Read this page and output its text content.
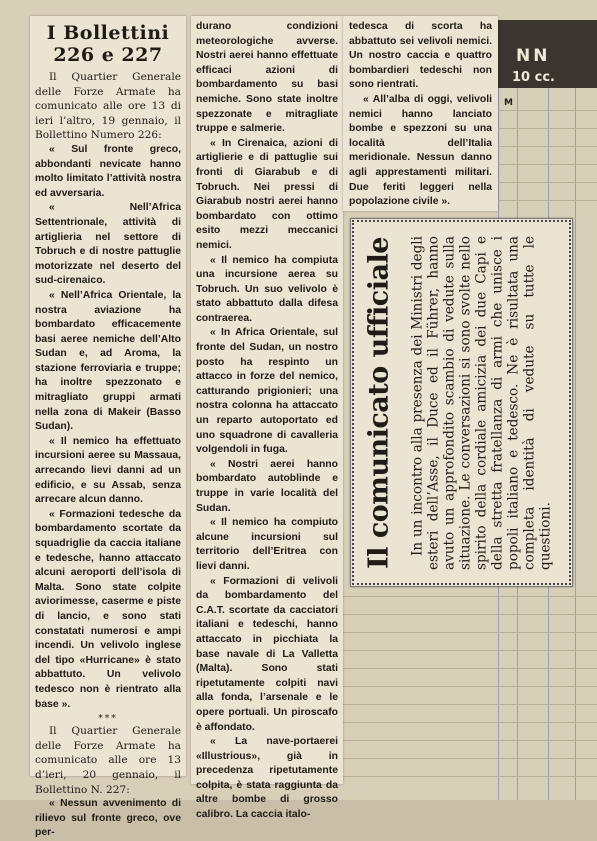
NN
10 cc.
M
I Bollettini 226 e 227

Il Quartier Generale delle Forze Armate ha comunicato alle ore 13 di ieri l’altro, 19 gennaio, il Bollettino Numero 226:

« Sul fronte greco, abbondanti nevicate hanno molto limitato l’attività nostra ed avversaria.

« Nell’Africa Settentrionale, attività di artiglieria nel settore di Tobruch e di nostre pattuglie motorizzate nel deserto del sud-cirenaico.

« Nell’Africa Orientale, la nostra aviazione ha bombardato efficacemente basi aeree nemiche dell’Alto Sudan e, ad Aroma, la stazione ferroviaria e truppe; ha inoltre spezzonato e mitragliato gruppi armati nella zona di Makeir (Basso Sudan).

« Il nemico ha effettuato incursioni aeree su Massaua, arrecando lievi danni ad un edificio, e su Assab, senza arrecare alcun danno.

« Formazioni tedesche da bombardamento scortate da squadriglie da caccia italiane e tedesche, hanno attaccato alcuni aeroporti dell’isola di Malta. Sono state colpite aviorimesse, caserme e piste di lancio, e sono stati constatati numerosi e ampi incendi. Un velivolo inglese del tipo «Hurricane» è stato abbattuto. Un velivolo tedesco non è rientrato alla base ».

***

Il Quartier Generale delle Forze Armate ha comunicato alle ore 13 d’ieri, 20 gennaio, il Bollettino N. 227:

« Nessun avvenimento di rilievo sul fronte greco, ove per-

durano condizioni meteorologiche avverse. Nostri aerei hanno effettuate efficaci azioni di bombardamento su basi nemiche. Sono state inoltre spezzonate e mitragliate truppe e salmerie.

« In Cirenaica, azioni di artiglierie e di pattuglie sui fronti di Giarabub e di Tobruch. Nei pressi di Giarabub nostri aerei hanno bombardato con ottimo esito mezzi meccanici nemici.

« Il nemico ha compiuta una incursione aerea su Tobruch. Un suo velivolo è stato abbattuto dalla difesa contraerea.

« In Africa Orientale, sul fronte del Sudan, un nostro posto ha respinto un attacco in forze del nemico, catturando prigionieri; una nostra colonna ha attaccato un reparto autoportato ed uno squadrone di cavalleria volgendoli in fuga.

« Nostri aerei hanno bombardato autoblinde e truppe in varie località del Sudan.

« Il nemico ha compiuto alcune incursioni sul territorio dell’Eritrea con lievi danni.

« Formazioni di velivoli da bombardamento del C.A.T. scortate da cacciatori italiani e tedeschi, hanno attaccato in picchiata la base navale di La Valletta (Malta). Sono stati ripetutamente colpiti navi alla fonda, l’arsenale e le opere portuali. Un piroscafo è affondato.

« La nave-portaerei «Illustrious», già in precedenza ripetutamente colpita, è stata raggiunta da altre bombe di grosso calibro. La caccia italo-

tedesca di scorta ha abbattuto sei velivoli nemici. Un nostro caccia e quattro bombardieri tedeschi non sono rientrati.

« All’alba di oggi, velivoli nemici hanno lanciato bombe e spezzoni su una località dell’Italia meridionale. Nessun danno agli apprestamenti militari. Due feriti leggeri nella popolazione civile ».

Il comunicato ufficiale	In un incontro alla presenza dei Ministri degli esteri dell’Asse, il Duce ed il Führer, hanno avuto un approfondito scambio di vedute sulla situazione. Le conversazioni si sono svolte nello spirito della cordiale amicizia dei due Capi e della stretta fratellanza di armi che unisce i popoli italiano e tedesco. Ne è risultata una completa identità di vedute su tutte le questioni.
